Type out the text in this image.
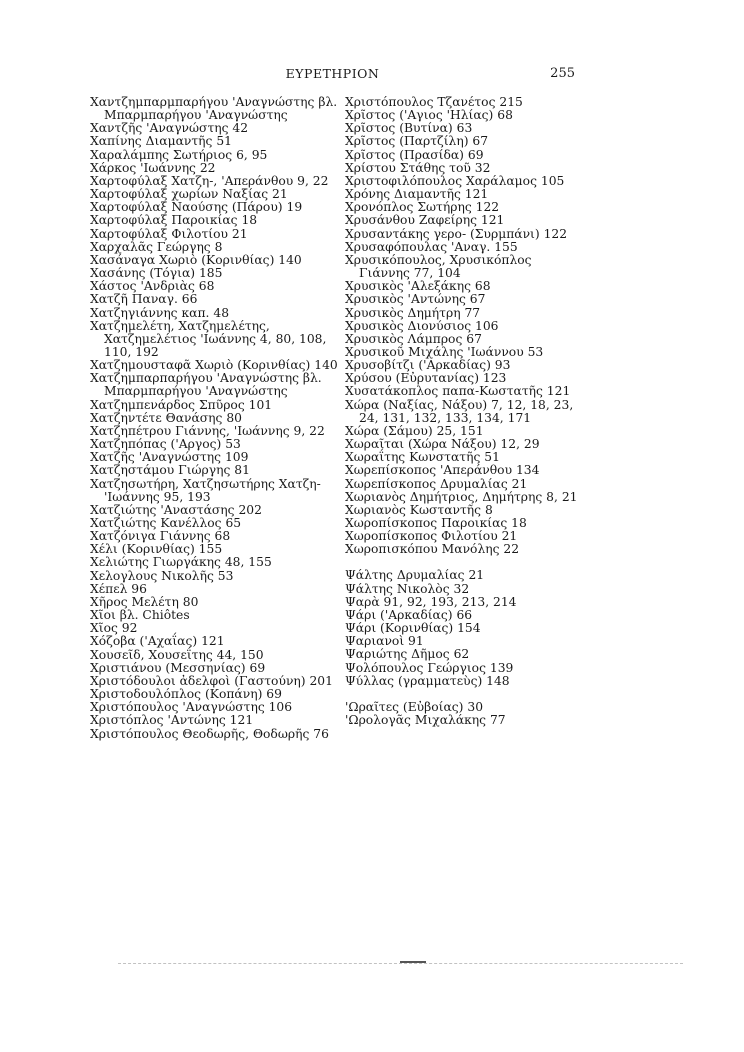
ΕΥΡΕΤΗΡΙΟΝ	255

Χαντζημπαρμπαρήγου 'Αναγνώστης βλ. Μπαρμπαρήγου 'Αναγνώστης

Χαντζῆς 'Αναγνώστης 42

Χαπίνης Διαμαντῆς 51

Χαραλάμπης Σωτήριος 6, 95

Χάρκος 'Ιωάννης 22

Χαρτοφύλαξ Χατζη-, 'Απεράνθου 9, 22

Χαρτοφύλαξ χωρίων Ναξίας 21

Χαρτοφύλαξ Ναούσης (Πάρου) 19

Χαρτοφύλαξ Παροικίας 18

Χαρτοφύλαξ Φιλοτίου 21

Χαρχαλᾶς Γεώργης 8

Χασάναγα Χωριὸ (Κορινθίας) 140

Χασάνης (Τόγια) 185

Χάστος 'Ανδριὰς 68

Χατζῆ Παναγ. 66

Χατζηγιάννης καπ. 48

Χατζημελέτη, Χατζημελέτης, Χατζημελέτιος 'Ιωάννης 4, 80, 108, 110, 192

Χατζημουσταφᾶ Χωριὸ (Κορινθίας) 140

Χατζημπαρπαρήγου 'Αναγνώστης βλ. Μπαρμπαρήγου 'Αναγνώστης

Χατζημπενάρδος Σπῦρος 101

Χατζηντέτε Θανάσης 80

Χατζηπέτρου Γιάννης, 'Ιωάννης 9, 22

Χατζηπόπας ('Αργος) 53

Χατζῆς 'Αναγνώστης 109

Χατζηστάμου Γιώργης 81

Χατζησωτήρη, Χατζησωτήρης Χατζη-'Ιωάννης 95, 193

Χατζιώτης 'Αναστάσης 202

Χατζιώτης Κανέλλος 65

Χατζόνιγα Γιάννης 68

Χέλι (Κορινθίας) 155

Χελιώτης Γιωργάκης 48, 155

Χελογλους Νικολῆς 53

Χέπελ 96

Χῆρος Μελέτη 80

Χῖοι βλ. Chiôtes

Χῖος 92

Χόζοβα ('Αχαΐας) 121

Χουσεῖδ, Χουσεΐτης 44, 150

Χριστιάνου (Μεσσηνίας) 69

Χριστόδουλοι ἀδελφοὶ (Γαστούνη) 201

Χριστοδουλόπλος (Κοπάνη) 69

Χριστόπουλος 'Αναγνώστης 106

Χριστόπλος 'Αντώνης 121

Χριστόπουλος Θεοδωρῆς, Θοδωρῆς 76

Χριστόπουλος Τζανέτος 215

Χρῖστος ('Αγιος 'Ηλίας) 68

Χρῖστος (Βυτίνα) 63

Χρῖστος (Παρτζίλη) 67

Χρῖστος (Πρασίδα) 69

Χρίστου Στάθης τοῦ 32

Χριστοφιλόπουλος Χαράλαμος 105

Χρόνης Διαμαντῆς 121

Χρονόπλος Σωτήρης 122

Χρυσάνθου Ζαφείρης 121

Χρυσαντάκης γερο- (Συρμπάνι) 122

Χρυσαφόπουλας 'Αναγ. 155

Χρυσικόπουλος, Χρυσικόπλος Γιάννης 77, 104

Χρυσικὸς 'Αλεξάκης 68

Χρυσικὸς 'Αντώνης 67

Χρυσικὸς Δημήτρη 77

Χρυσικὸς Διονύσιος 106

Χρυσικὸς Λάμπρος 67

Χρυσικοῦ Μιχάλης 'Ιωάννου 53

Χρυσοβίτζι ('Αρκαδίας) 93

Χρύσου (Εὐρυτανίας) 123

Χυσατάκοπλος παπα-Κωστατῆς 121

Χώρα (Ναξίας, Νάξου) 7, 12, 18, 23, 24, 131, 132, 133, 134, 171

Χώρα (Σάμου) 25, 151

Χωραῖται (Χώρα Νάξου) 12, 29

Χωραΐτης Κωνστατῆς 51

Χωρεπίσκοπος 'Απεράνθου 134

Χωρεπίσκοπος Δρυμαλίας 21

Χωριανὸς Δημήτριος, Δημήτρης 8, 21

Χωριανὸς Κωσταντῆς 8

Χωροπίσκοπος Παροικίας 18

Χωροπίσκοπος Φιλοτίου 21

Χωροπισκόπου Μανόλης 22

Ψάλτης Δρυμαλίας 21

Ψάλτης Νικολὸς 32

Ψαρὰ 91, 92, 193, 213, 214

Ψάρι ('Αρκαδίας) 66

Ψάρι (Κορινθίας) 154

Ψαριανοὶ 91

Ψαριώτης Δῆμος 62

Ψολόπουλος Γεώργιος 139

Ψύλλας (γραμματεὺς) 148

'Ωραῖτες (Εὐβοίας) 30

'Ωρολογᾶς Μιχαλάκης 77
